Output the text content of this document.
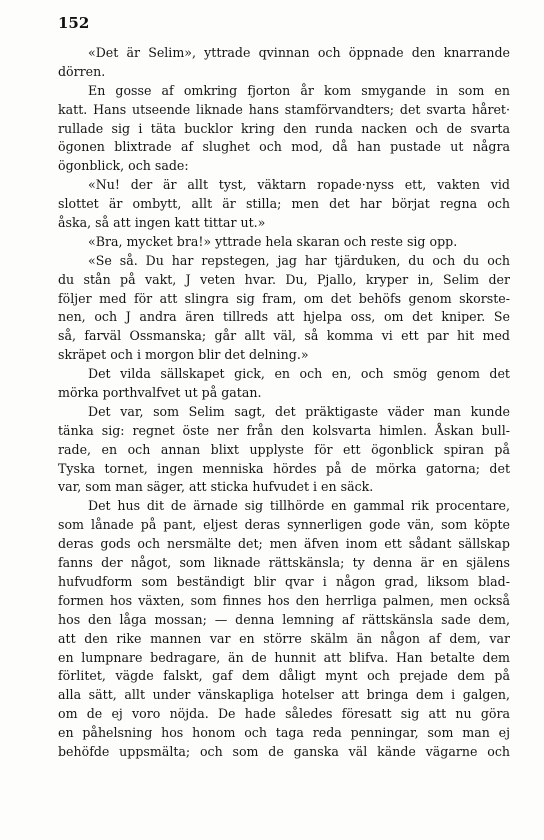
152
«Det är Selim», yttrade qvinnan och öppnade den knarrande
dörren.
En gosse af omkring fjorton år kom smygande in som en
katt. Hans utseende liknade hans stamförvandters; det svarta håret·
rullade sig i täta bucklor kring den runda nacken och de svarta
ögonen blixtrade af slughet och mod, då han pustade ut några
ögonblick, och sade:
«Nu! der är allt tyst, väktarn ropade·nyss ett, vakten vid
slottet är ombytt, allt är stilla; men det har börjat regna och
åska, så att ingen katt tittar ut.»
«Bra, mycket bra!» yttrade hela skaran och reste sig opp.
«Se så. Du har repstegen, jag har tjärduken, du och du och
du stån på vakt, J veten hvar. Du, Pjallo, kryper in, Selim der
följer med för att slingra sig fram, om det behöfs genom skorste-
nen, och J andra ären tillreds att hjelpa oss, om det kniper. Se
så, farväl Ossmanska; går allt väl, så komma vi ett par hit med
skräpet och i morgon blir det delning.»
Det vilda sällskapet gick, en och en, och smög genom det
mörka porthvalfvet ut på gatan.
Det var, som Selim sagt, det präktigaste väder man kunde
tänka sig: regnet öste ner från den kolsvarta himlen. Åskan bull-
rade, en och annan blixt upplyste för ett ögonblick spiran på
Tyska tornet, ingen menniska hördes på de mörka gatorna; det
var, som man säger, att sticka hufvudet i en säck.
Det hus dit de ärnade sig tillhörde en gammal rik procentare,
som lånade på pant, eljest deras synnerligen gode vän, som köpte
deras gods och nersmälte det; men äfven inom ett sådant sällskap
fanns der något, som liknade rättskänsla; ty denna är en själens
hufvudform som beständigt blir qvar i någon grad, liksom blad-
formen hos växten, som finnes hos den herrliga palmen, men också
hos den låga mossan; — denna lemning af rättskänsla sade dem,
att den rike mannen var en större skälm än någon af dem, var
en lumpnare bedragare, än de hunnit att blifva. Han betalte dem
förlitet, vägde falskt, gaf dem dåligt mynt och prejade dem på
alla sätt, allt under vänskapliga hotelser att bringa dem i galgen,
om de ej voro nöjda. De hade således föresatt sig att nu göra
en påhelsning hos honom och taga reda penningar, som man ej
behöfde uppsmälta; och som de ganska väl kände vägarne och
